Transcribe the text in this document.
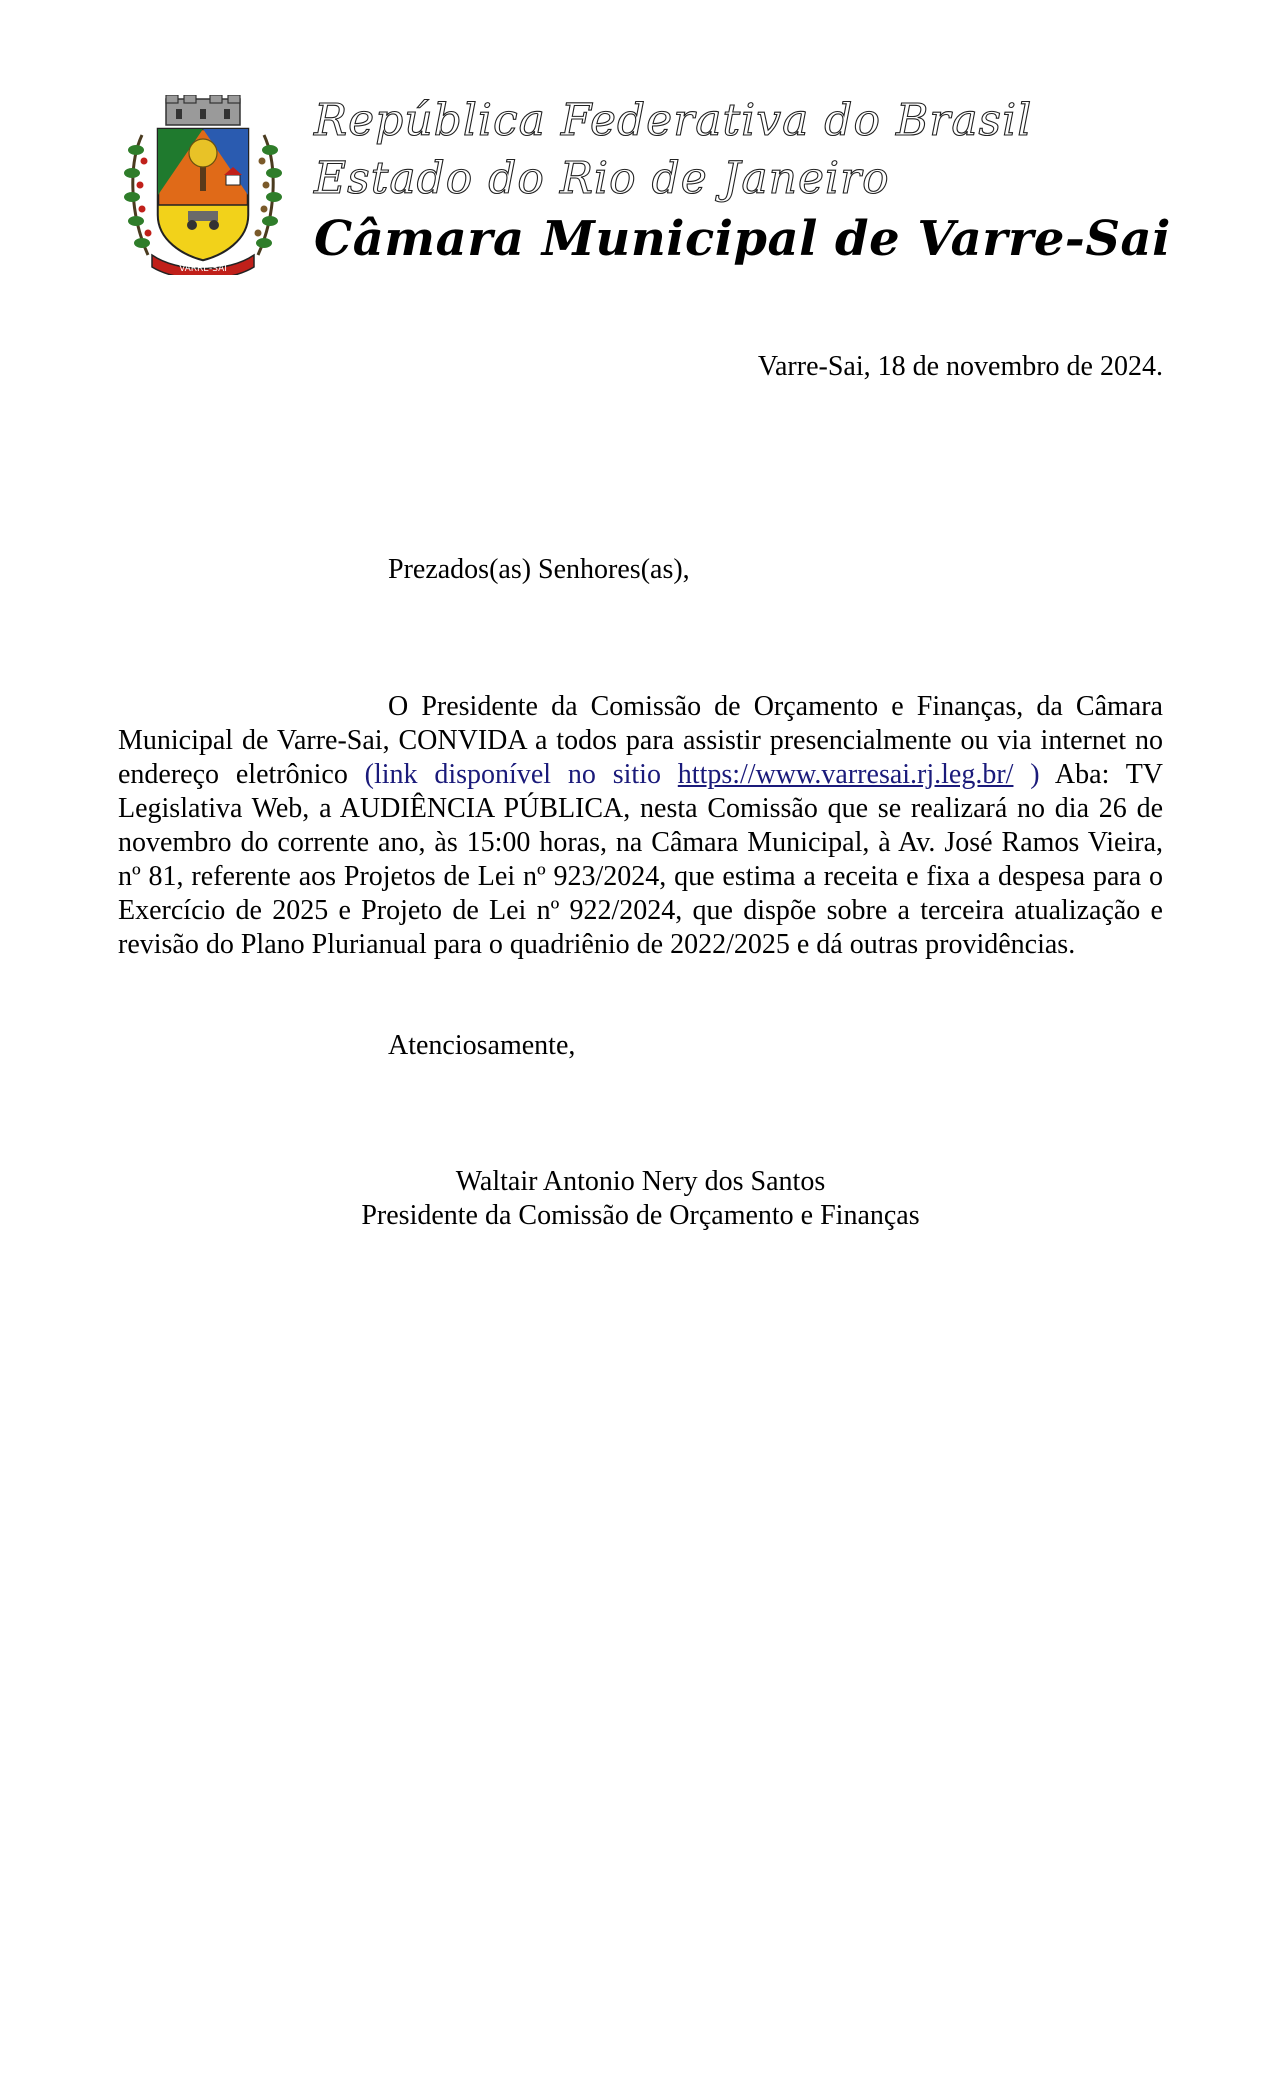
VARRE-SAI
República Federativa do Brasil
Estado do Rio de Janeiro
Câmara Municipal de Varre-Sai
Varre-Sai, 18 de novembro de 2024.
Prezados(as) Senhores(as),

O Presidente da Comissão de Orçamento e Finanças, da Câmara Municipal de Varre-Sai, CONVIDA a todos para assistir presencialmente ou via internet no endereço eletrônico (link disponível no sitio https://www.varresai.rj.leg.br/ ) Aba: TV Legislativa Web, a AUDIÊNCIA PÚBLICA, nesta Comissão que se realizará no dia 26 de novembro do corrente ano, às 15:00 horas, na Câmara Municipal, à Av. José Ramos Vieira, nº 81, referente aos Projetos de Lei nº 923/2024, que estima a receita e fixa a despesa para o Exercício de 2025 e Projeto de Lei nº 922/2024, que dispõe sobre a terceira atualização e revisão do Plano Plurianual para o quadriênio de 2022/2025 e dá outras providências.

Atenciosamente,
Waltair Antonio Nery dos Santos
Presidente da Comissão de Orçamento e Finanças
